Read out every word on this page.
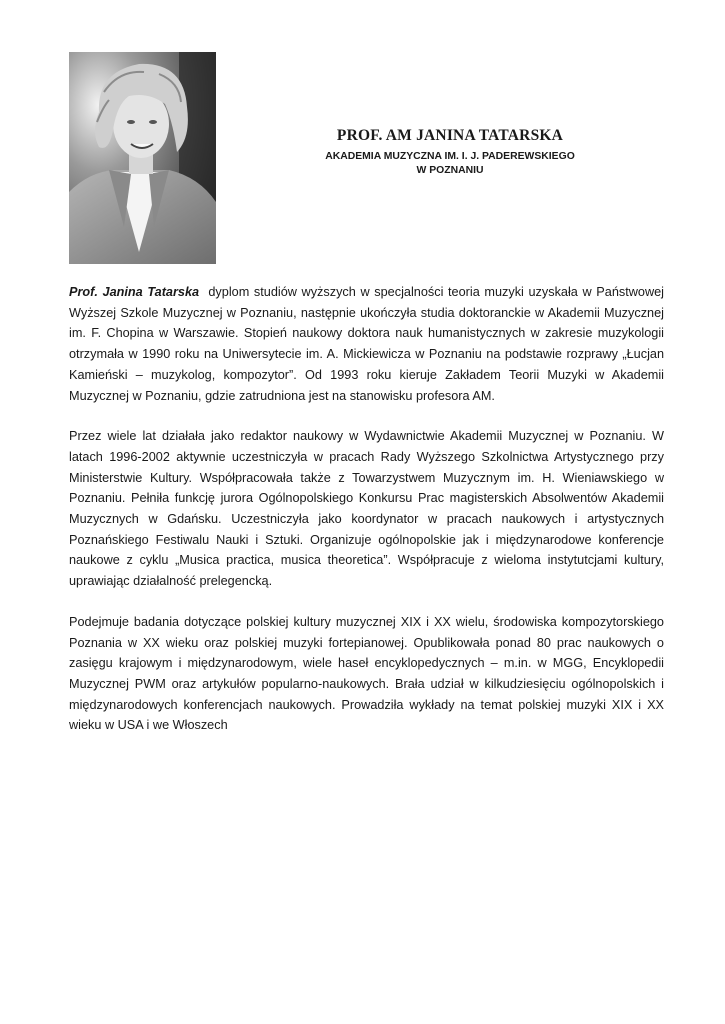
PROF. AM JANINA TATARSKA
AKADEMIA MUZYCZNA IM. I. J. PADEREWSKIEGO
W POZNANIU

Prof. Janina Tatarska  dyplom studiów wyższych w specjalności teoria muzyki uzyskała w Państwowej Wyższej Szkole Muzycznej w Poznaniu, następnie ukończyła studia doktoranckie w Akademii Muzycznej im. F. Chopina w Warszawie. Stopień naukowy doktora nauk humanistycznych w zakresie muzykologii otrzymała w 1990 roku na Uniwersytecie im. A. Mickiewicza w Poznaniu na podstawie rozprawy „Łucjan Kamieński – muzykolog, kompozytor”. Od 1993 roku kieruje Zakładem Teorii Muzyki w Akademii Muzycznej w Poznaniu, gdzie zatrudniona jest na stanowisku profesora AM.

Przez wiele lat działała jako redaktor naukowy w Wydawnictwie Akademii Muzycznej w Poznaniu. W latach 1996-2002 aktywnie uczestniczyła w pracach Rady Wyższego Szkolnictwa Artystycznego przy Ministerstwie Kultury. Współpracowała także z Towarzystwem Muzycznym im. H. Wieniawskiego w Poznaniu. Pełniła funkcję jurora Ogólnopolskiego Konkursu Prac magisterskich Absolwentów Akademii Muzycznych w Gdańsku. Uczestniczyła jako koordynator w pracach naukowych i artystycznych Poznańskiego Festiwalu Nauki i Sztuki. Organizuje ogólnopolskie jak i międzynarodowe konferencje naukowe z cyklu „Musica practica, musica theoretica”. Współpracuje z wieloma instytutcjami kultury, uprawiając działalność prelegencką.

Podejmuje badania dotyczące polskiej kultury muzycznej XIX i XX wielu, środowiska kompozytorskiego Poznania w XX wieku oraz polskiej muzyki fortepianowej. Opublikowała ponad 80 prac naukowych o zasięgu krajowym i międzynarodowym, wiele haseł encyklopedycznych – m.in. w MGG, Encyklopedii Muzycznej PWM oraz artykułów popularno-naukowych. Brała udział w kilkudziesięciu ogólnopolskich i międzynarodowych konferencjach naukowych. Prowadziła wykłady na temat polskiej muzyki XIX i XX wieku w USA i we Włoszech
